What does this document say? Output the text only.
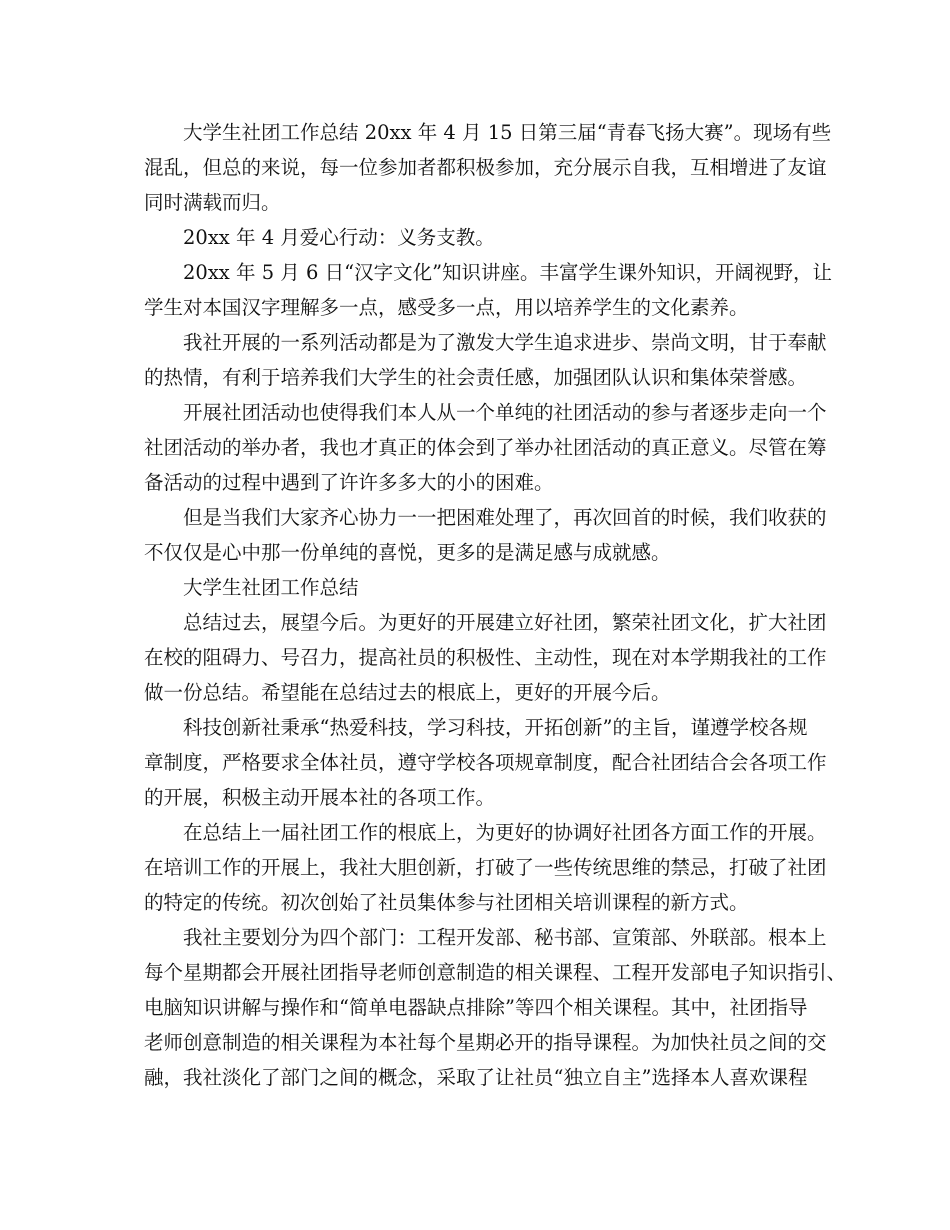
大学生社团工作总结 20xx 年 4 月 15 日第三届“青春飞扬大赛”。现场有些
混乱，但总的来说，每一位参加者都积极参加，充分展示自我，互相增进了友谊
同时满载而归。

20xx 年 4 月爱心行动：义务支教。

20xx 年 5 月 6 日“汉字文化”知识讲座。丰富学生课外知识，开阔视野，让
学生对本国汉字理解多一点，感受多一点，用以培养学生的文化素养。

我社开展的一系列活动都是为了激发大学生追求进步、崇尚文明，甘于奉献
的热情，有利于培养我们大学生的社会责任感，加强团队认识和集体荣誉感。

开展社团活动也使得我们本人从一个单纯的社团活动的参与者逐步走向一个
社团活动的举办者，我也才真正的体会到了举办社团活动的真正意义。尽管在筹
备活动的过程中遇到了许许多多大的小的困难。

但是当我们大家齐心协力一一把困难处理了，再次回首的时候，我们收获的
不仅仅是心中那一份单纯的喜悦，更多的是满足感与成就感。

大学生社团工作总结

总结过去，展望今后。为更好的开展建立好社团，繁荣社团文化，扩大社团
在校的阻碍力、号召力，提高社员的积极性、主动性，现在对本学期我社的工作
做一份总结。希望能在总结过去的根底上，更好的开展今后。

科技创新社秉承“热爱科技，学习科技，开拓创新”的主旨，谨遵学校各规
章制度，严格要求全体社员，遵守学校各项规章制度，配合社团结合会各项工作
的开展，积极主动开展本社的各项工作。

在总结上一届社团工作的根底上，为更好的协调好社团各方面工作的开展。
在培训工作的开展上，我社大胆创新，打破了一些传统思维的禁忌，打破了社团
的特定的传统。初次创始了社员集体参与社团相关培训课程的新方式。

我社主要划分为四个部门：工程开发部、秘书部、宣策部、外联部。根本上
每个星期都会开展社团指导老师创意制造的相关课程、工程开发部电子知识指引、
电脑知识讲解与操作和“简单电器缺点排除”等四个相关课程。其中，社团指导
老师创意制造的相关课程为本社每个星期必开的指导课程。为加快社员之间的交
融，我社淡化了部门之间的概念，采取了让社员“独立自主”选择本人喜欢课程
